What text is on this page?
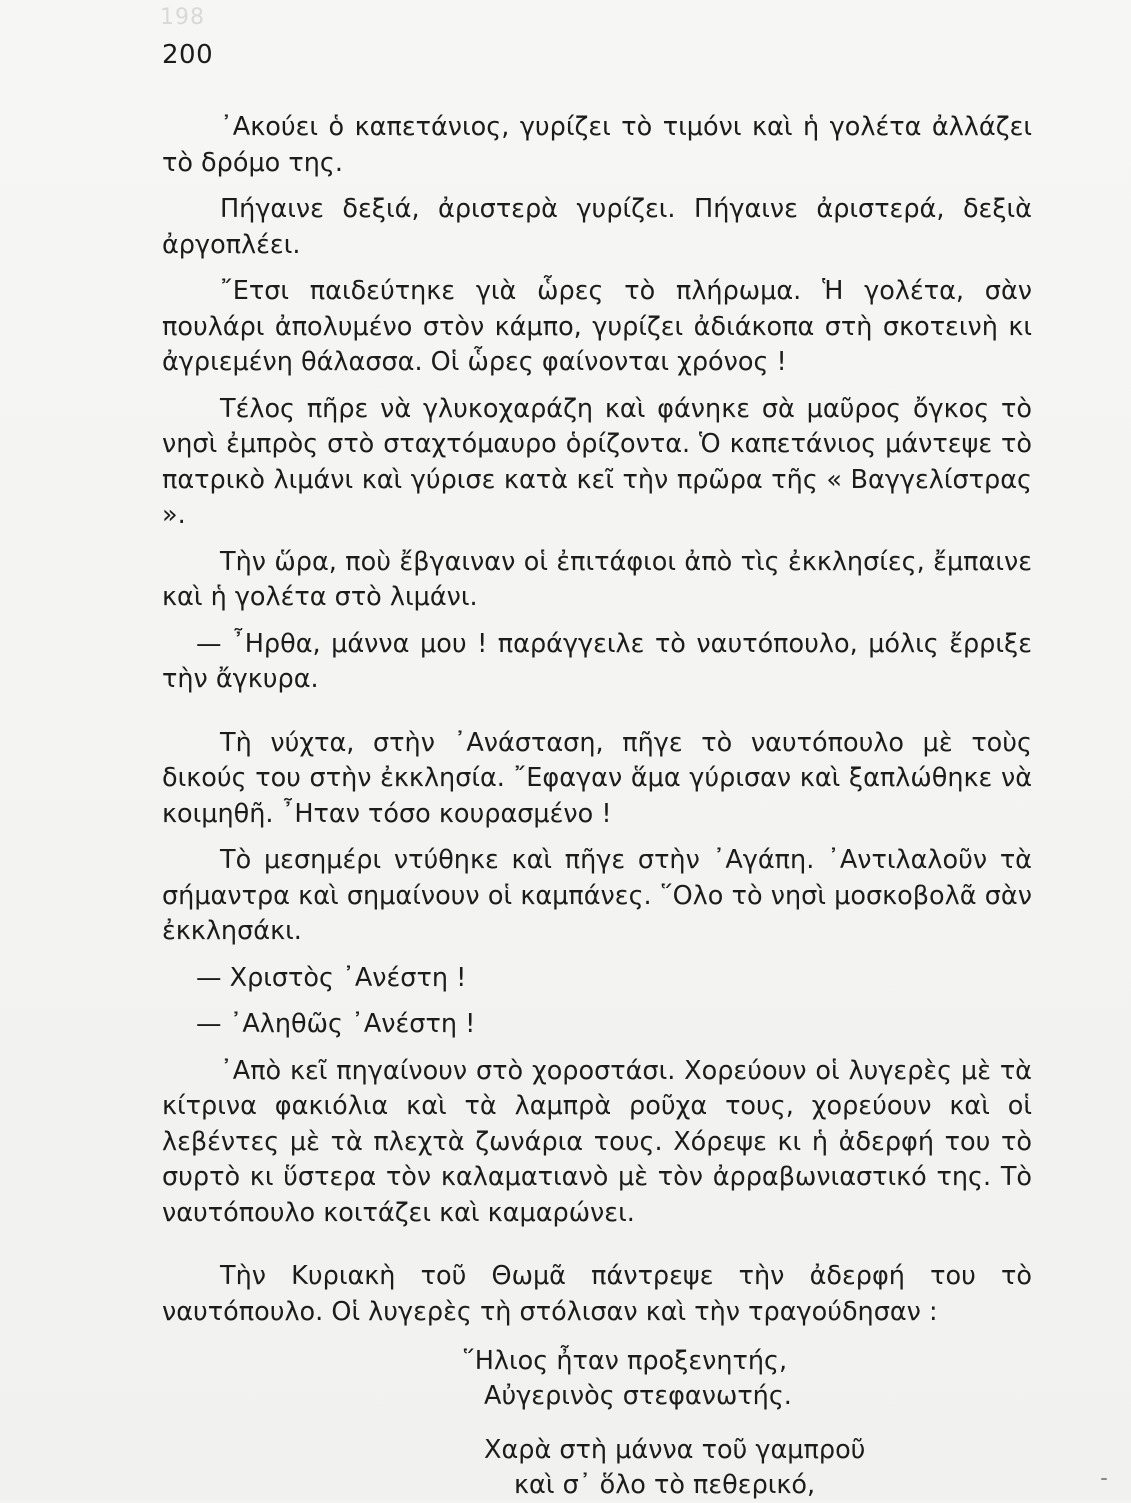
198
200

᾿Ακούει ὁ καπετάνιος, γυρίζει τὸ τιμόνι καὶ ἡ γολέτα ἀλλάζει τὸ δρόμο της.

Πήγαινε δεξιά, ἀριστερὰ γυρίζει. Πήγαινε ἀριστερά, δεξιὰ ἀργοπλέει.

῎Ετσι παιδεύτηκε γιὰ ὧρες τὸ πλήρωμα. Ἡ γολέτα, σὰν πουλάρι ἀπολυμένο στὸν κάμπο, γυρίζει ἀδιάκοπα στὴ σκοτεινὴ κι ἀγριεμένη θάλασσα. Οἱ ὧρες φαίνονται χρόνος !

Τέλος πῆρε νὰ γλυκοχαράζη καὶ φάνηκε σὰ μαῦρος ὄγκος τὸ νησὶ ἐμπρὸς στὸ σταχτόμαυρο ὁρίζοντα. Ὁ καπετάνιος μάντεψε τὸ πατρικὸ λιμάνι καὶ γύρισε κατὰ κεῖ τὴν πρῶρα τῆς « Βαγγελίστρας ».

Τὴν ὥρα, ποὺ ἔβγαιναν οἱ ἐπιτάφιοι ἀπὸ τὶς ἐκκλησίες, ἔμπαινε καὶ ἡ γολέτα στὸ λιμάνι.

— ῏Ηρθα, μάννα μου ! παράγγειλε τὸ ναυτόπουλο, μόλις ἔρριξε τὴν ἄγκυρα.

Τὴ νύχτα, στὴν ᾿Ανάσταση, πῆγε τὸ ναυτόπουλο μὲ τοὺς δικούς του στὴν ἐκκλησία. ῎Εφαγαν ἅμα γύρισαν καὶ ξαπλώθηκε νὰ κοιμηθῆ. ῏Ηταν τόσο κουρασμένο !

Τὸ μεσημέρι ντύθηκε καὶ πῆγε στὴν ᾿Αγάπη. ᾿Αντιλαλοῦν τὰ σήμαντρα καὶ σημαίνουν οἱ καμπάνες. ῞Ολο τὸ νησὶ μοσκοβολᾶ σὰν ἐκκλησάκι.

— Χριστὸς ᾿Ανέστη !

— ᾿Αληθῶς ᾿Ανέστη !

᾿Απὸ κεῖ πηγαίνουν στὸ χοροστάσι. Χορεύουν οἱ λυγερὲς μὲ τὰ κίτρινα φακιόλια καὶ τὰ λαμπρὰ ροῦχα τους, χορεύουν καὶ οἱ λεβέντες μὲ τὰ πλεχτὰ ζωνάρια τους. Χόρεψε κι ἡ ἀδερφή του τὸ συρτὸ κι ὕστερα τὸν καλαματιανὸ μὲ τὸν ἀρραβωνιαστικό της. Τὸ ναυτόπουλο κοιτάζει καὶ καμαρώνει.

Τὴν Κυριακὴ τοῦ Θωμᾶ πάντρεψε τὴν ἀδερφή του τὸ ναυτόπουλο. Οἱ λυγερὲς τὴ στόλισαν καὶ τὴν τραγούδησαν :

῞Ηλιος ἦταν προξενητής,
Αὐγερινὸς στεφανωτής.
Χαρὰ στὴ μάννα τοῦ γαμπροῦ
καὶ σ᾿ ὅλο τὸ πεθερικό,
